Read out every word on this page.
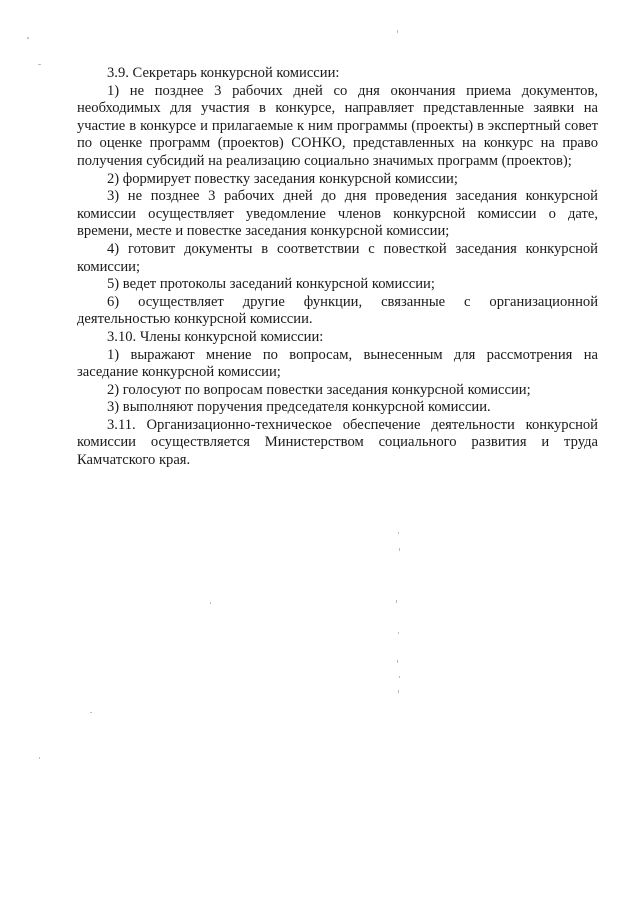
3.9. Секретарь конкурсной комиссии:

1) не позднее 3 рабочих дней со дня окончания приема документов, необходимых для участия в конкурсе, направляет представленные заявки на участие в конкурсе и прилагаемые к ним программы (проекты) в экспертный совет по оценке программ (проектов) СОНКО, представленных на конкурс на право получения субсидий на реализацию социально значимых программ (проектов);

2) формирует повестку заседания конкурсной комиссии;

3) не позднее 3 рабочих дней до дня проведения заседания конкурсной комиссии осуществляет уведомление членов конкурсной комиссии о дате, времени, месте и повестке заседания конкурсной комиссии;

4) готовит документы в соответствии с повесткой заседания конкурсной комиссии;

5) ведет протоколы заседаний конкурсной комиссии;

6) осуществляет другие функции, связанные с организационной деятельностью конкурсной комиссии.

3.10. Члены конкурсной комиссии:

1) выражают мнение по вопросам, вынесенным для рассмотрения на заседание конкурсной комиссии;

2) голосуют по вопросам повестки заседания конкурсной комиссии;

3) выполняют поручения председателя конкурсной комиссии.

3.11. Организационно-техническое обеспечение деятельности конкурсной комиссии осуществляется Министерством социального развития и труда Камчатского края.
